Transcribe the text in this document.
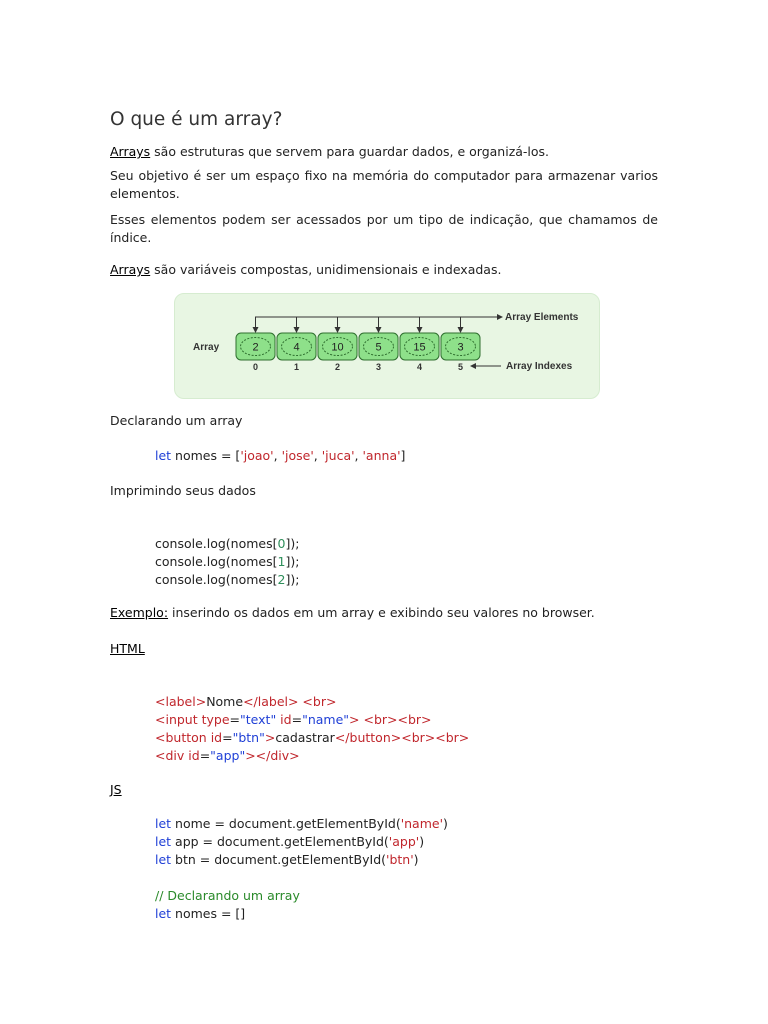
O que é um array?

Arrays são estruturas que servem para guardar dados, e organizá-los.

Seu objetivo é ser um espaço fixo na memória do computador para armazenar varios elementos.

Esses elementos podem ser acessados por um tipo de indicação, que chamamos de índice.

Arrays são variáveis compostas, unidimensionais e indexadas.

Array
Array Elements
2
0
4
1
10
2
5
3
15
4
3
5	Array Indexes

Declarando um array

let nomes = ['joao', 'jose', 'juca', 'anna']

Imprimindo seus dados

console.log(nomes[0]);
console.log(nomes[1]);
console.log(nomes[2]);

Exemplo: inserindo os dados em um array e exibindo seu valores no browser.

HTML

<label>Nome</label> <br>
<input type="text" id="name"> <br><br>
<button id="btn">cadastrar</button><br><br>
<div id="app"></div>

JS

let nome = document.getElementById('name')
let app = document.getElementById('app')
let btn = document.getElementById('btn')

// Declarando um array
let nomes = []
